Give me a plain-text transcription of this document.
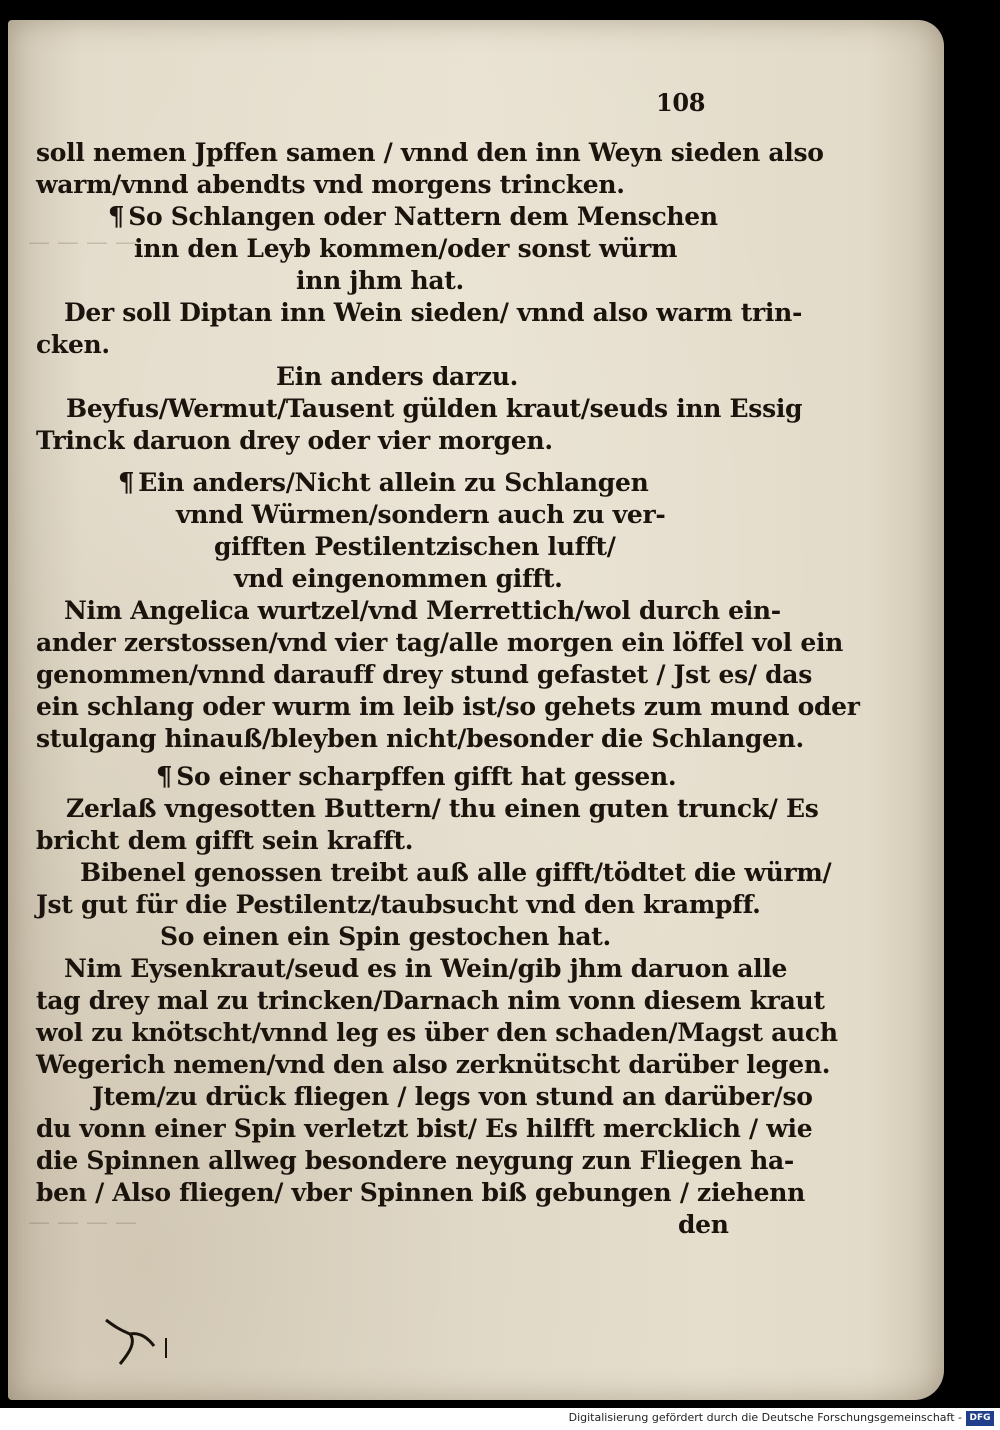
— — — —
— — — —
108
soll nemen Jpffen samen / vnnd den inn Weyn sieden also
warm/vnnd abendts vnd morgens trincken.
¶ So Schlangen oder Nattern dem Menschen
inn den Leyb kommen/oder sonst würm
inn jhm hat.
Der soll Diptan inn Wein sieden/ vnnd also warm trin-
cken.
Ein anders darzu.
Beyfus/Wermut/Tausent gülden kraut/seuds inn Essig
Trinck daruon drey oder vier morgen.
¶ Ein anders/Nicht allein zu Schlangen
vnnd Würmen/sondern auch zu ver-
gifften Pestilentzischen lufft/
vnd eingenommen gifft.
Nim Angelica wurtzel/vnd Merrettich/wol durch ein-
ander zerstossen/vnd vier tag/alle morgen ein löffel vol ein
genommen/vnnd darauff drey stund gefastet / Jst es/ das
ein schlang oder wurm im leib ist/so gehets zum mund oder
stulgang hinauß/bleyben nicht/besonder die Schlangen.
¶ So einer scharpffen gifft hat gessen.
Zerlaß vngesotten Buttern/ thu einen guten trunck/ Es
bricht dem gifft sein krafft.
Bibenel genossen treibt auß alle gifft/tödtet die würm/
Jst gut für die Pestilentz/taubsucht vnd den krampff.
So einen ein Spin gestochen hat.
Nim Eysenkraut/seud es in Wein/gib jhm daruon alle
tag drey mal zu trincken/Darnach nim vonn diesem kraut
wol zu knötscht/vnnd leg es über den schaden/Magst auch
Wegerich nemen/vnd den also zerknütscht darüber legen.
Jtem/zu drück fliegen / legs von stund an darüber/so
du vonn einer Spin verletzt bist/ Es hilfft mercklich / wie
die Spinnen allweg besondere neygung zun Fliegen ha-
ben / Also fliegen/ vber Spinnen biß gebungen / ziehenn
den
Digitalisierung gefördert durch die Deutsche Forschungsgemeinschaft - DFG
